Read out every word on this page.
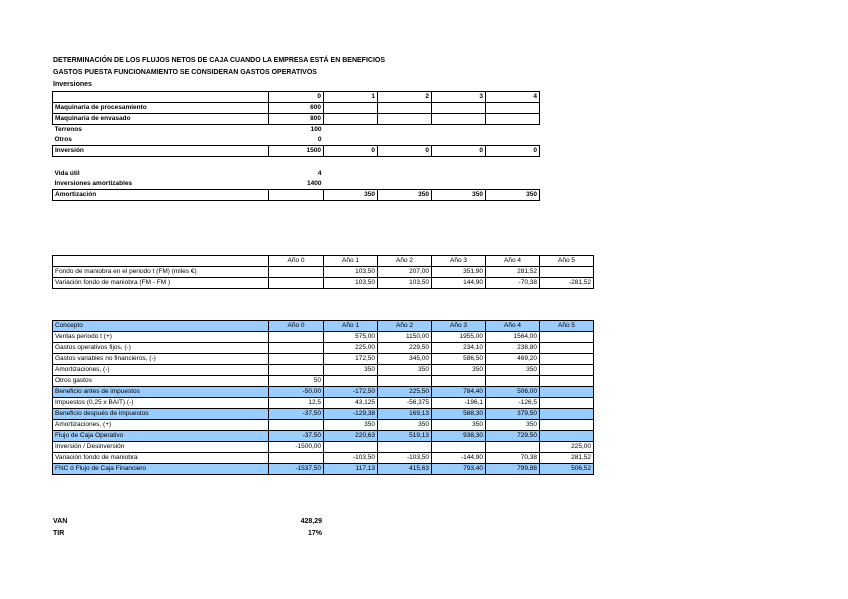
DETERMINACIÓN DE LOS FLUJOS NETOS DE CAJA CUANDO LA EMPRESA ESTÁ EN BENEFICIOS
GASTOS PUESTA FUNCIONAMIENTO SE CONSIDERAN GASTOS OPERATIVOS
Inversiones
	0	1	2	3	4
Maquinaria de procesamiento	600				
Maquinaria de envasado	800				
Terrenos	100				
Otros	0				
Inversión	1500	0	0	0	0

Vida útil	4				
Inversiones amortizables	1400				
Amortización		350	350	350	350
	Año 0	Año 1	Año 2	Año 3	Año 4	Año 5
Fondo de maniobra en el periodo t (FM) (miles €)		103,50	207,00	351,90	281,52	
Variación fondo de maniobra (FM - FM )		103,50	103,50	144,90	-70,38	-281,52
Concepto	Año 0	Año 1	Año 2	Año 3	Año 4	Año 5
Ventas periodo t (+)		575,00	1150,00	1955,00	1564,00	
Gastos operativos fijos, (-)		225,00	229,50	234,10	238,80	
Gastos variables no financieros, (-)		172,50	345,00	586,50	469,20	
Amortizaciones, (-)		350	350	350	350	
Otros gastos	50					
Beneficio antes de impuestos	-50,00	-172,50	225,50	784,40	506,00	
Impuestos (0,25 x BAIT) (-)	12,5	43,125	-56,375	-196,1	-126,5	
Beneficio después de impuestos	-37,50	-129,38	169,13	588,30	379,50	
Amortizaciones, (+)		350	350	350	350	
Flujo de Caja Operativo	-37,50	220,63	519,13	938,30	729,50	
Inversión / Desinversión	-1500,00					225,00
Variación fondo de maniobra		-103,50	-103,50	-144,90	70,38	281,52
FNC ó Flujo de Caja Financiero	-1537,50	117,13	415,63	793,40	799,88	506,52
VAN	428,29
TIR	17%
